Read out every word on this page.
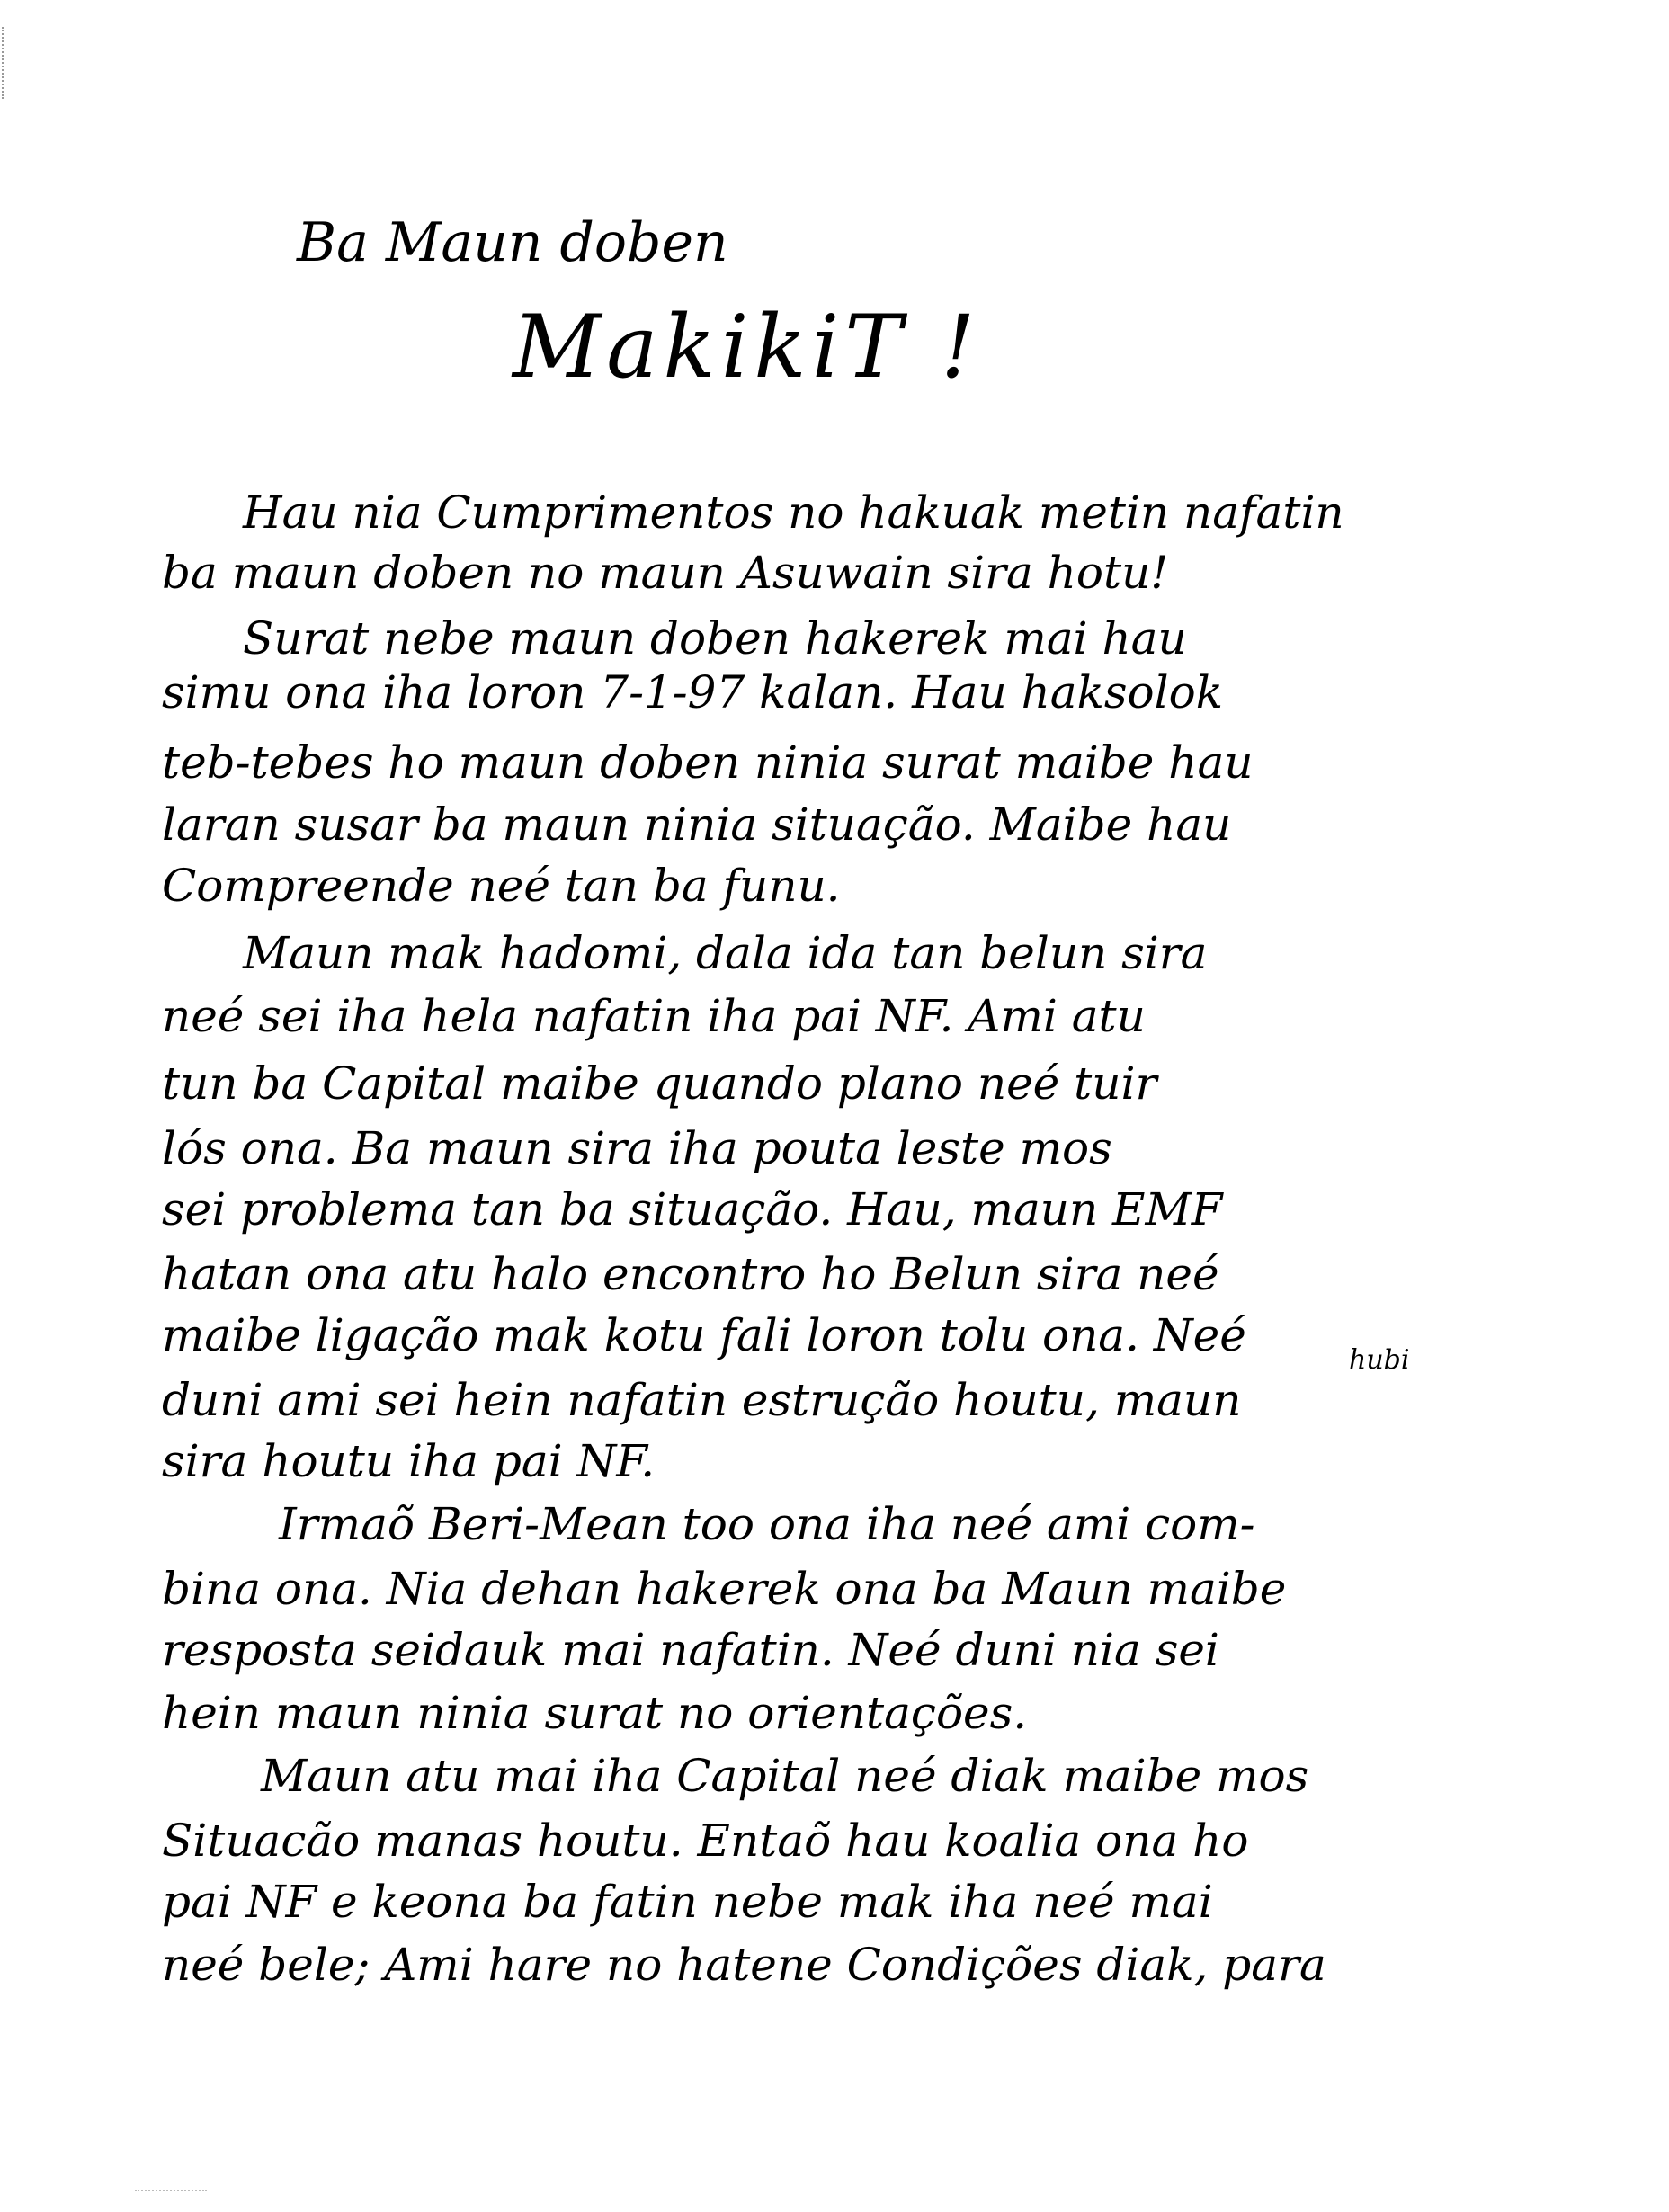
Ba Maun doben
MakikiT !
Hau nia Cumprimentos no hakuak metin nafatin
ba maun doben no maun Asuwain sira hotu!
Surat nebe maun doben hakerek mai hau
simu ona iha loron 7-1-97 kalan. Hau haksolok
teb-tebes ho maun doben ninia surat maibe hau
laran susar ba maun ninia situação. Maibe hau
Compreende neé tan ba funu.
Maun mak hadomi, dala ida tan belun sira
neé sei iha hela nafatin iha pai NF. Ami atu
tun ba Capital maibe quando plano neé tuir
lós ona. Ba maun sira iha pouta leste mos
sei problema tan ba situação. Hau, maun EMF
hatan ona atu halo encontro ho Belun sira neé
maibe ligação mak kotu fali loron tolu ona. Neé	hubi
duni ami sei hein nafatin estrução houtu, maun
sira houtu iha pai NF.
Irmaõ Beri-Mean too ona iha neé ami com-
bina ona. Nia dehan hakerek ona ba Maun maibe
resposta seidauk mai nafatin. Neé duni nia sei
hein maun ninia surat no orientações.
Maun atu mai iha Capital neé diak maibe mos
Situacão manas houtu. Entaõ hau koalia ona ho
pai NF e keona ba fatin nebe mak iha neé mai
neé bele; Ami hare no hatene Condições diak, para
